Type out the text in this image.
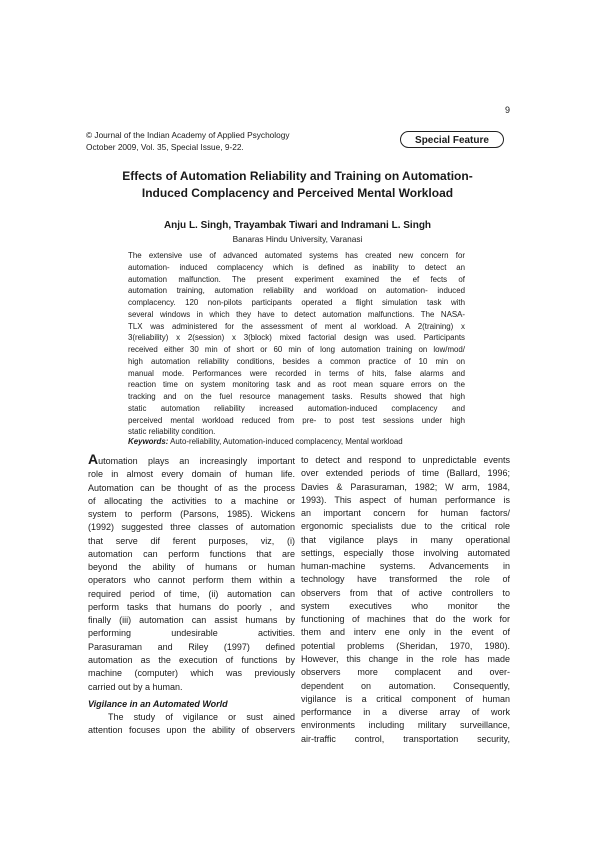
9
© Journal of the Indian Academy of Applied Psychology
October 2009, Vol. 35, Special Issue, 9-22.
Special Feature
Effects of Automation Reliability and Training on Automation-
Induced Complacency and Perceived Mental Workload
Anju L. Singh, Trayambak Tiwari and Indramani L. Singh
Banaras Hindu University, Varanasi
The extensive use of advanced automated systems has created new concern for
automation- induced complacency which is defined as inability to detect an
automation malfunction. The present experiment examined the ef fects of
automation training, automation reliability and workload on automation- induced
complacency. 120 non-pilots participants operated a flight simulation task with
several windows in which they have to detect automation malfunctions. The NASA-
TLX was administered for the assessment of ment al workload. A 2(training) x
3(reliability) x 2(session) x 3(block) mixed factorial design was used. Participants
received either 30 min of short or 60 min of long automation training on low/mod/
high automation reliability conditions, besides a common practice of 10 min on
manual mode. Performances were recorded in terms of hits, false alarms and
reaction time on system monitoring task and as root mean square errors on the
tracking and on the fuel resource management tasks. Results showed that high
static automation reliability increased automation-induced complacency and
perceived mental workload reduced from pre- to post test sessions under high
static reliability condition.
Keywords: Auto-reliability, Automation-induced complacency, Mental workload
Automation plays an increasingly important
role in almost every domain of human life.
Automation can be thought of as the process
of allocating the activities to a machine or
system to perform (Parsons, 1985). Wickens
(1992) suggested three classes of automation
that serve dif ferent purposes, viz, (i)
automation can perform functions that are
beyond the ability of humans or human
operators who cannot perform them within a
required period of time, (ii) automation can
perform tasks that humans do poorly , and
finally (iii) automation can assist humans by
performing undesirable activities.
Parasuraman and Riley (1997) defined
automation as the execution of functions by
machine (computer) which was previously
carried out by a human.
Vigilance in an Automated World
The study of vigilance or sust ained
attention focuses upon the ability of observers
to detect and respond to unpredictable events
over extended periods of time (Ballard, 1996;
Davies & Parasuraman, 1982; W arm, 1984,
1993). This aspect of human performance is
an important concern for human factors/
ergonomic specialists due to the critical role
that vigilance plays in many operational
settings, especially those involving automated
human-machine systems. Advancements in
technology have transformed the role of
observers from that of active controllers to
system executives who monitor the
functioning of machines that do the work for
them and interv ene only in the event of
potential problems (Sheridan, 1970, 1980).
However, this change in the role has made
observers more complacent and over-
dependent on automation. Consequently,
vigilance is a critical component of human
performance in a diverse array of work
environments including military surveillance,
air-traffic control, transportation security,
